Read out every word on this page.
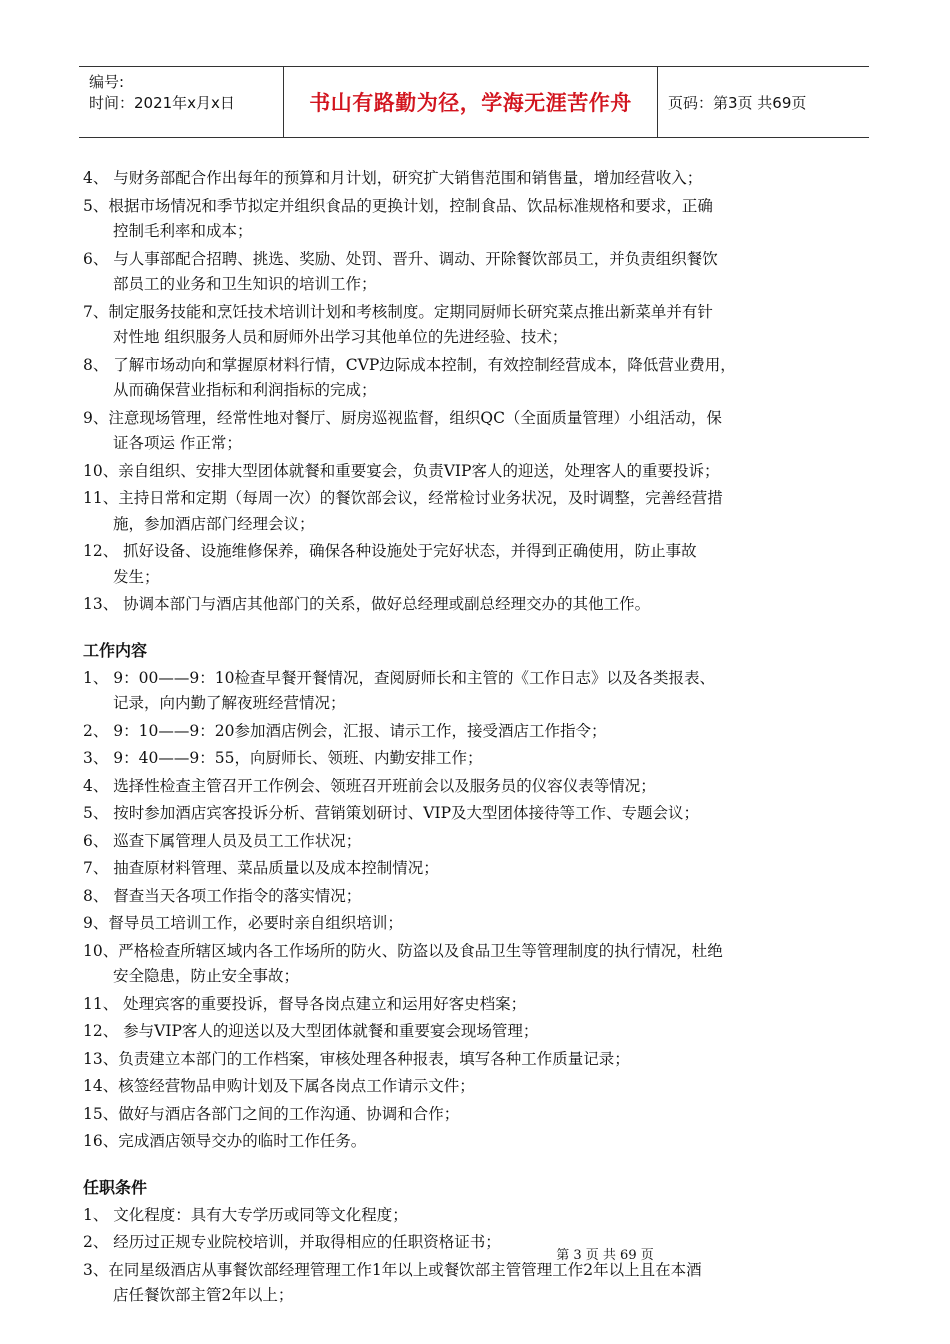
编号:
时间：2021年x月x日	书山有路勤为径，学海无涯苦作舟	页码：第3页 共69页
4、 与财务部配合作出每年的预算和月计划，研究扩大销售范围和销售量，增加经营收入；
5、根据市场情况和季节拟定并组织食品的更换计划，控制食品、饮品标准规格和要求，正确
控制毛利率和成本；
6、 与人事部配合招聘、挑选、奖励、处罚、晋升、调动、开除餐饮部员工，并负责组织餐饮
部员工的业务和卫生知识的培训工作；
7、制定服务技能和烹饪技术培训计划和考核制度。定期同厨师长研究菜点推出新菜单并有针
对性地 组织服务人员和厨师外出学习其他单位的先进经验、技术；
8、 了解市场动向和掌握原材料行情，CVP边际成本控制，有效控制经营成本，降低营业费用，
从而确保营业指标和利润指标的完成；
9、注意现场管理，经常性地对餐厅、厨房巡视监督，组织QC（全面质量管理）小组活动，保
证各项运 作正常；
10、亲自组织、安排大型团体就餐和重要宴会，负责VIP客人的迎送，处理客人的重要投诉；
11、主持日常和定期（每周一次）的餐饮部会议，经常检讨业务状况，及时调整，完善经营措
施，参加酒店部门经理会议；
12、 抓好设备、设施维修保养，确保各种设施处于完好状态，并得到正确使用，防止事故
发生；
13、 协调本部门与酒店其他部门的关系，做好总经理或副总经理交办的其他工作。
工作内容
1、 9：00——9：10检查早餐开餐情况，查阅厨师长和主管的《工作日志》以及各类报表、
记录，向内勤了解夜班经营情况；
2、 9：10——9：20参加酒店例会，汇报、请示工作，接受酒店工作指令；
3、 9：40——9：55，向厨师长、领班、内勤安排工作；
4、 选择性检查主管召开工作例会、领班召开班前会以及服务员的仪容仪表等情况；
5、 按时参加酒店宾客投诉分析、营销策划研讨、VIP及大型团体接待等工作、专题会议；
6、 巡查下属管理人员及员工工作状况；
7、 抽查原材料管理、菜品质量以及成本控制情况；
8、 督查当天各项工作指令的落实情况；
9、督导员工培训工作，必要时亲自组织培训；
10、严格检查所辖区域内各工作场所的防火、防盗以及食品卫生等管理制度的执行情况，杜绝
安全隐患，防止安全事故；
11、 处理宾客的重要投诉，督导各岗点建立和运用好客史档案；
12、 参与VIP客人的迎送以及大型团体就餐和重要宴会现场管理；
13、负责建立本部门的工作档案，审核处理各种报表，填写各种工作质量记录；
14、核签经营物品申购计划及下属各岗点工作请示文件；
15、做好与酒店各部门之间的工作沟通、协调和合作；
16、完成酒店领导交办的临时工作任务。
任职条件
1、 文化程度：具有大专学历或同等文化程度；
2、 经历过正规专业院校培训，并取得相应的任职资格证书；
3、在同星级酒店从事餐饮部经理管理工作1年以上或餐饮部主管管理工作2年以上且在本酒
店任餐饮部主管2年以上；
第 3 页 共 69 页
